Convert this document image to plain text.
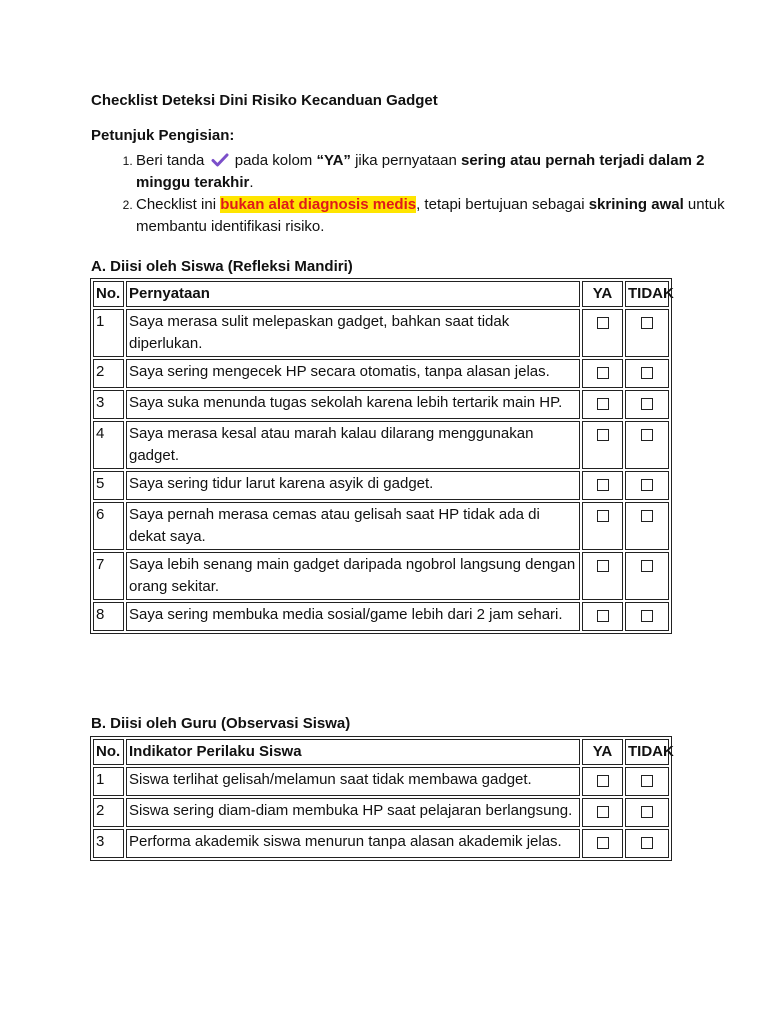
Checklist Deteksi Dini Risiko Kecanduan Gadget
Petunjuk Pengisian:
1. Beri tanda  pada kolom “YA” jika pernyataan sering atau pernah terjadi dalam 2 minggu terakhir.
2. Checklist ini bukan alat diagnosis medis, tetapi bertujuan sebagai skrining awal untuk membantu identifikasi risiko.
A. Diisi oleh Siswa (Refleksi Mandiri)
No.	Pernyataan	YA	TIDAK
1	Saya merasa sulit melepaskan gadget, bahkan saat tidak diperlukan.		
2	Saya sering mengecek HP secara otomatis, tanpa alasan jelas.		
3	Saya suka menunda tugas sekolah karena lebih tertarik main HP.		
4	Saya merasa kesal atau marah kalau dilarang menggunakan gadget.		
5	Saya sering tidur larut karena asyik di gadget.		
6	Saya pernah merasa cemas atau gelisah saat HP tidak ada di dekat saya.		
7	Saya lebih senang main gadget daripada ngobrol langsung dengan orang sekitar.		
8	Saya sering membuka media sosial/game lebih dari 2 jam sehari.		
B. Diisi oleh Guru (Observasi Siswa)
No.	Indikator Perilaku Siswa	YA	TIDAK
1	Siswa terlihat gelisah/melamun saat tidak membawa gadget.		
2	Siswa sering diam-diam membuka HP saat pelajaran berlangsung.		
3	Performa akademik siswa menurun tanpa alasan akademik jelas.		
